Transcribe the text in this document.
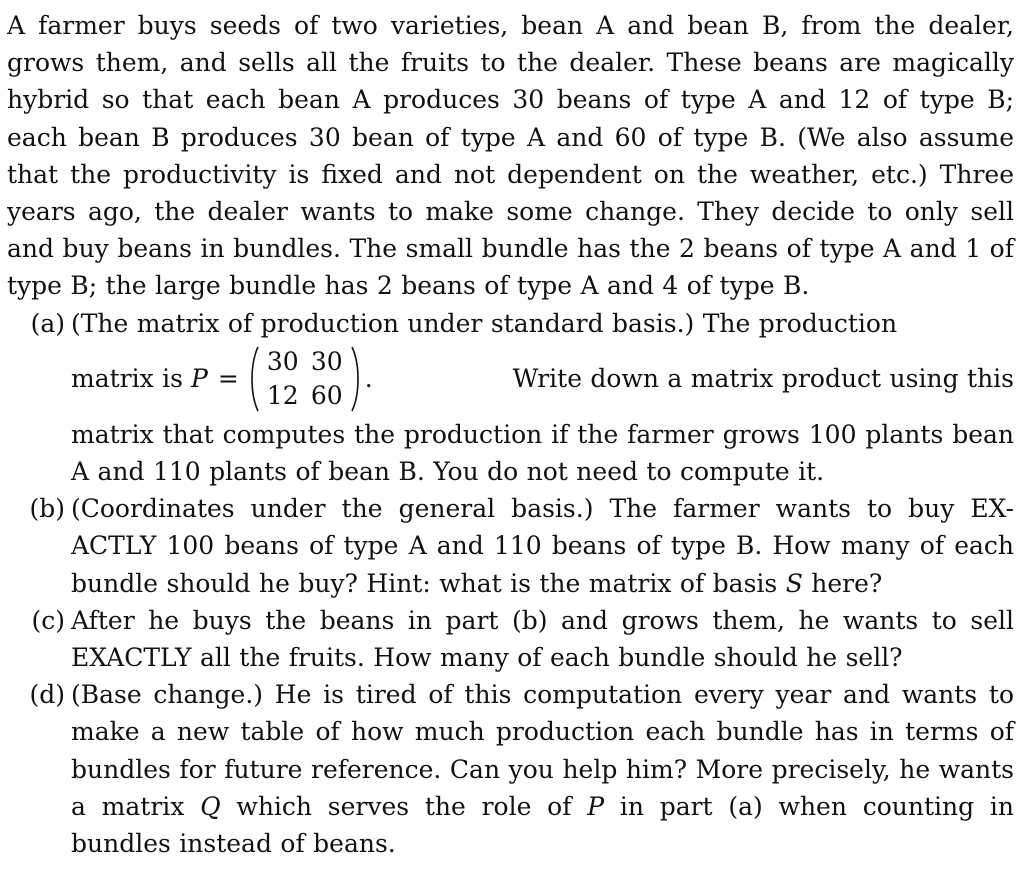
A farmer buys seeds of two varieties, bean A and bean B, from the dealer, grows them, and sells all the fruits to the dealer. These beans are magically hybrid so that each bean A produces 30 beans of type A and 12 of type B; each bean B produces 30 bean of type A and 60 of type B. (We also assume that the productivity is fixed and not dependent on the weather, etc.) Three years ago, the dealer wants to make some change. They decide to only sell and buy beans in bundles. The small bundle has the 2 beans of type A and 1 of type B; the large bundle has 2 beans of type A and 4 of type B.

(a) (The matrix of production under standard basis.) The production
matrix is P =
30 30
12 60
.	Write down a matrix product using this
matrix that computes the production if the farmer grows 100 plants bean A and 110 plants of bean B. You do not need to compute it.
(b) (Coordinates under the general basis.) The farmer wants to buy EX-ACTLY 100 beans of type A and 110 beans of type B. How many of each bundle should he buy? Hint: what is the matrix of basis S here?
(c) After he buys the beans in part (b) and grows them, he wants to sell EXACTLY all the fruits. How many of each bundle should he sell?
(d) (Base change.) He is tired of this computation every year and wants to make a new table of how much production each bundle has in terms of bundles for future reference. Can you help him? More precisely, he wants a matrix Q which serves the role of P in part (a) when counting in bundles instead of beans.
